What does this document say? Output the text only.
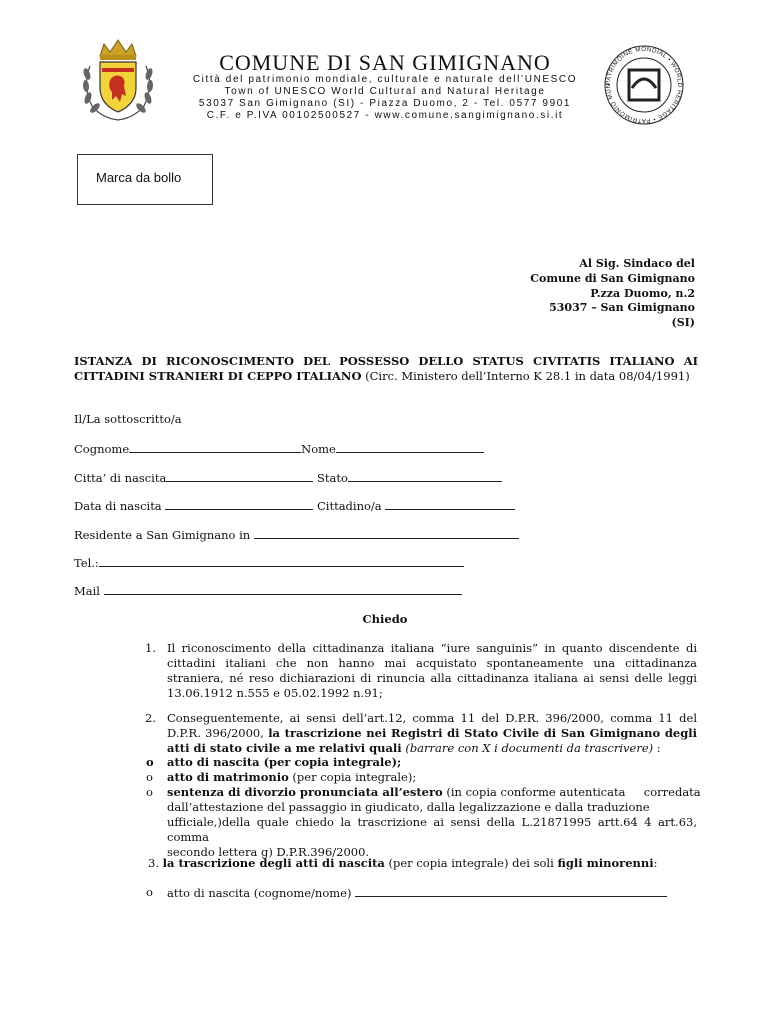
COMUNE DI SAN GIMIGNANO
Città del patrimonio mondiale, culturale e naturale dell’UNESCO
Town of UNESCO World Cultural and Natural Heritage
53037 San Gimignano (SI) - Piazza Duomo, 2 - Tel. 0577 9901
C.F. e P.IVA 00102500527 - www.comune.sangimignano.si.it
PATRIMOINE MONDIAL • WORLD HERITAGE • PATRIMONIO MUN
Marca da bollo
Al Sig. Sindaco del
Comune di San Gimignano
P.zza Duomo, n.2
53037 – San Gimignano
(SI)
ISTANZA DI RICONOSCIMENTO DEL POSSESSO DELLO STATUS CIVITATIS ITALIANO AI CITTADINI STRANIERI DI CEPPO ITALIANO (Circ. Ministero dell’Interno K 28.1 in data 08/04/1991)
Il/La sottoscritto/a
Cognome	Nome
Citta’ di nascita	Stato
Data di nascita	Cittadino/a
Residente a San Gimignano in
Tel.:
Mail
Chiedo
1. Il riconoscimento della cittadinanza italiana “iure sanguinis” in quanto discendente di cittadini italiani che non hanno mai acquistato spontaneamente una cittadinanza straniera, né reso dichiarazioni di rinuncia alla cittadinanza italiana ai sensi delle leggi 13.06.1912 n.555 e 05.02.1992 n.91;
2. Conseguentemente, ai sensi dell’art.12, comma 11 del D.P.R. 396/2000, comma 11 del D.P.R. 396/2000, la trascrizione nei Registri di Stato Civile di San Gimignano degli atti di stato civile a me relativi quali (barrare con X i documenti da trascrivere) :
o atto di nascita (per copia integrale);
o atto di matrimonio (per copia integrale);
o sentenza di divorzio pronunciata all’estero (in copia conforme autenticata     corredata
dall’attestazione del passaggio in giudicato, dalla legalizzazione e dalla traduzione
ufficiale,)della quale chiedo la trascrizione ai sensi della L.21871995 artt.64 4 art.63, comma
secondo lettera g) D.P.R.396/2000.
3. la trascrizione degli atti di nascita (per copia integrale) dei soli figli minorenni:
o atto di nascita (cognome/nome)
